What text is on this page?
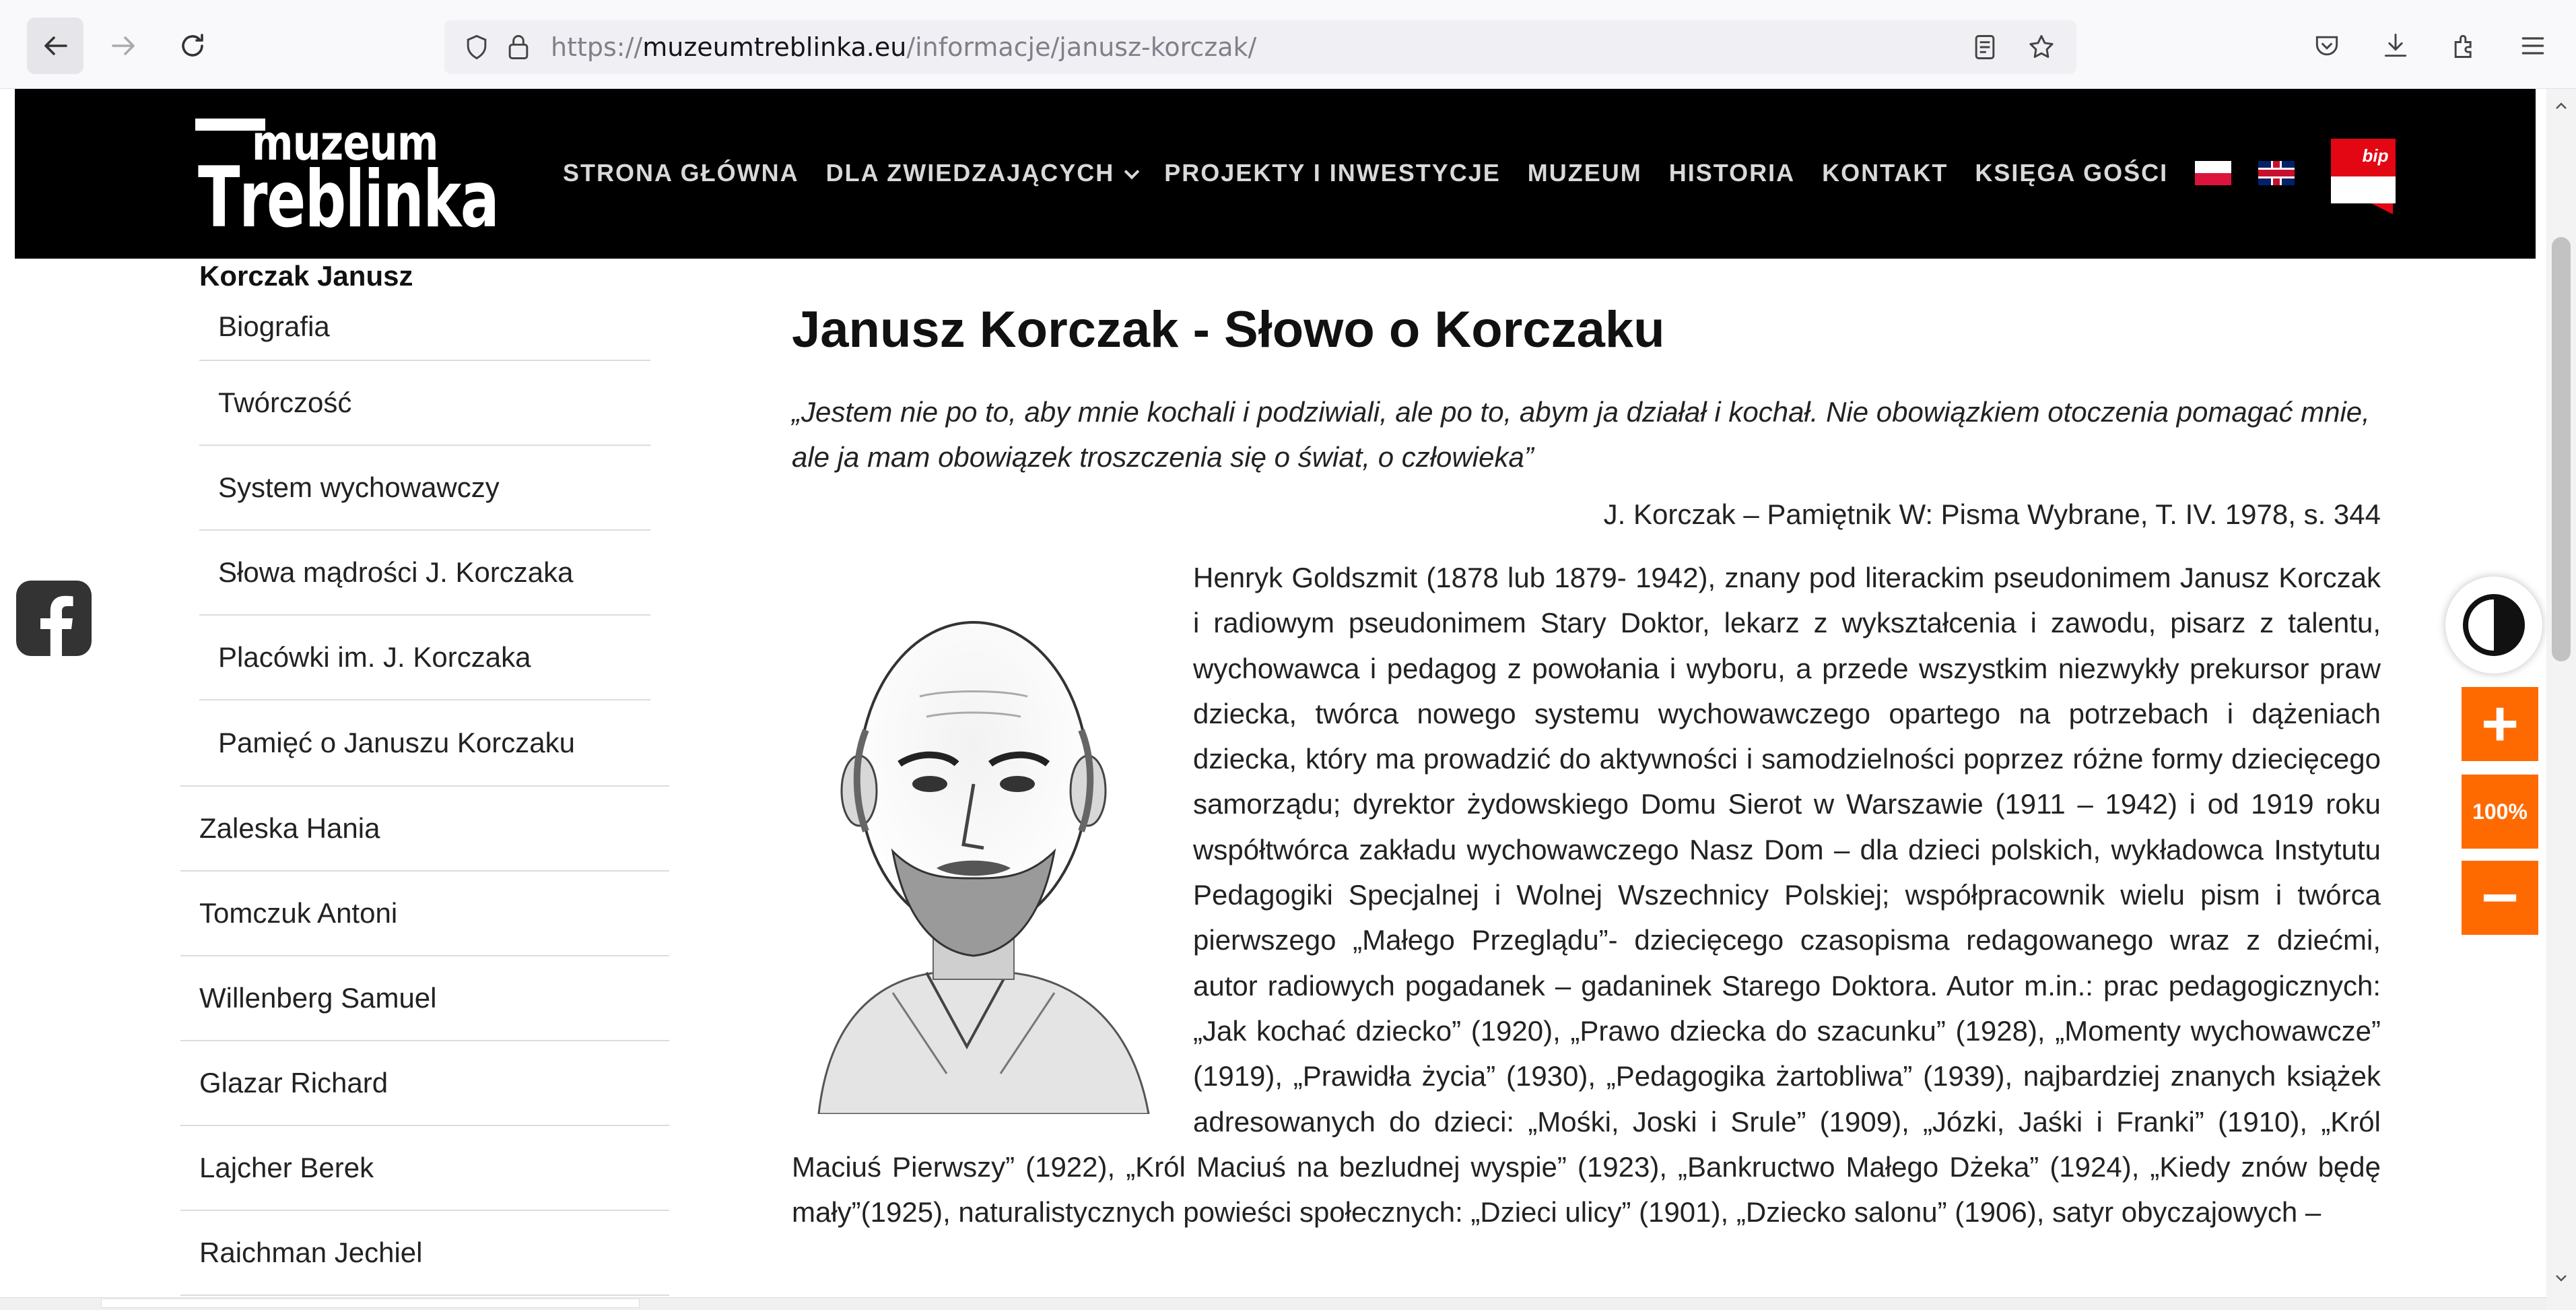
https://muzeumtreblinka.eu/informacje/janusz-korczak/
muzeum
Treblinka	STRONA GŁÓWNA DLA ZWIEDZAJĄCYCH	PROJEKTY I INWESTYCJE MUZEUM HISTORIA KONTAKT KSIĘGA GOŚCI
bip
Korczak Janusz
Biografia
Twórczość
System wychowawczy
Słowa mądrości J. Korczaka
Placówki im. J. Korczaka
Pamięć o Januszu Korczaku
Zaleska Hania
Tomczuk Antoni
Willenberg Samuel
Glazar Richard
Lajcher Berek
Raichman Jechiel
Janusz Korczak - Słowo o Korczaku

„Jestem nie po to, aby mnie kochali i podziwiali, ale po to, abym ja działał i kochał. Nie obowiązkiem otoczenia pomagać mnie, ale ja mam obowiązek troszczenia się o świat, o człowieka”

J. Korczak – Pamiętnik W: Pisma Wybrane, T. IV. 1978, s. 344

Henryk Goldszmit (1878 lub 1879- 1942), znany pod literackim pseudonimem Janusz Korczak i radiowym pseudonimem Stary Doktor, lekarz z wykształcenia i zawodu, pisarz z talentu, wychowawca i pedagog z powołania i wyboru, a przede wszystkim niezwykły prekursor praw dziecka, twórca nowego systemu wychowawczego opartego na potrzebach i dążeniach dziecka, który ma prowadzić do aktywności i samodzielności poprzez różne formy dziecięcego samorządu; dyrektor żydowskiego Domu Sierot w Warszawie (1911 – 1942) i od 1919 roku współtwórca zakładu wychowawczego Nasz Dom – dla dzieci polskich, wykładowca Instytutu Pedagogiki Specjalnej i Wolnej Wszechnicy Polskiej; współpracownik wielu pism i twórca pierwszego „Małego Przeglądu”- dziecięcego czasopisma redagowanego wraz z dziećmi, autor radiowych pogadanek – gadaninek Starego Doktora. Autor m.in.: prac pedagogicznych: „Jak kochać dziecko” (1920), „Prawo dziecka do szacunku” (1928), „Momenty wychowawcze” (1919), „Prawidła życia” (1930), „Pedagogika żartobliwa” (1939), najbardziej znanych książek adresowanych do dzieci: „Mośki, Joski i Srule” (1909), „Józki, Jaśki i Franki” (1910), „Król Maciuś Pierwszy” (1922), „Król Maciuś na bezludnej wyspie” (1923), „Bankructwo Małego Dżeka” (1924), „Kiedy znów będę mały”(1925), naturalistycznych powieści społecznych: „Dzieci ulicy” (1901), „Dziecko salonu” (1906), satyr obyczajowych –

+
100%
−
